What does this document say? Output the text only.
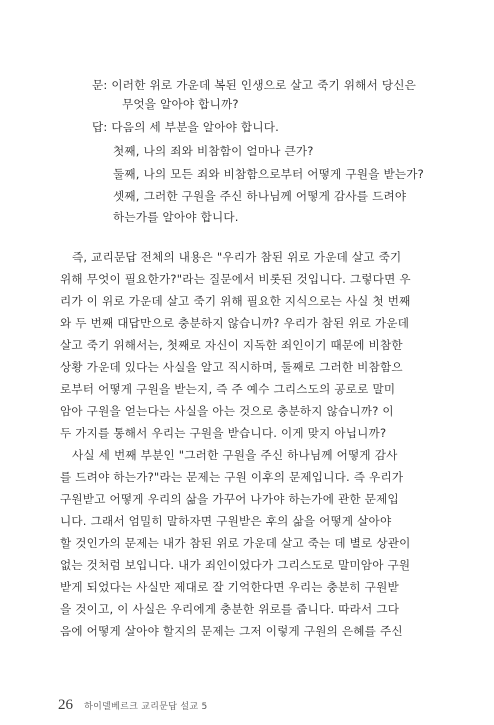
문: 이러한 위로 가운데 복된 인생으로 살고 죽기 위해서 당신은
무엇을 알아야 합니까?
답: 다음의 세 부분을 알아야 합니다.
첫째, 나의 죄와 비참함이 얼마나 큰가?
둘째, 나의 모든 죄와 비참함으로부터 어떻게 구원을 받는가?
셋째, 그러한 구원을 주신 하나님께 어떻게 감사를 드려야
하는가를 알아야 합니다.
즉, 교리문답 전체의 내용은 "우리가 참된 위로 가운데 살고 죽기
위해 무엇이 필요한가?"라는 질문에서 비롯된 것입니다. 그렇다면 우
리가 이 위로 가운데 살고 죽기 위해 필요한 지식으로는 사실 첫 번째
와 두 번째 대답만으로 충분하지 않습니까? 우리가 참된 위로 가운데
살고 죽기 위해서는, 첫째로 자신이 지독한 죄인이기 때문에 비참한
상황 가운데 있다는 사실을 알고 직시하며, 둘째로 그러한 비참함으
로부터 어떻게 구원을 받는지, 즉 주 예수 그리스도의 공로로 말미
암아 구원을 얻는다는 사실을 아는 것으로 충분하지 않습니까? 이
두 가지를 통해서 우리는 구원을 받습니다. 이게 맞지 아닙니까?
사실 세 번째 부분인 "그러한 구원을 주신 하나님께 어떻게 감사
를 드려야 하는가?"라는 문제는 구원 이후의 문제입니다. 즉 우리가
구원받고 어떻게 우리의 삶을 가꾸어 나가야 하는가에 관한 문제입
니다. 그래서 엄밀히 말하자면 구원받은 후의 삶을 어떻게 살아야
할 것인가의 문제는 내가 참된 위로 가운데 살고 죽는 데 별로 상관이
없는 것처럼 보입니다. 내가 죄인이었다가 그리스도로 말미암아 구원
받게 되었다는 사실만 제대로 잘 기억한다면 우리는 충분히 구원받
을 것이고, 이 사실은 우리에게 충분한 위로를 줍니다. 따라서 그다
음에 어떻게 살아야 할지의 문제는 그저 이렇게 구원의 은혜를 주신
26 하이델베르크 교리문답 설교 5
